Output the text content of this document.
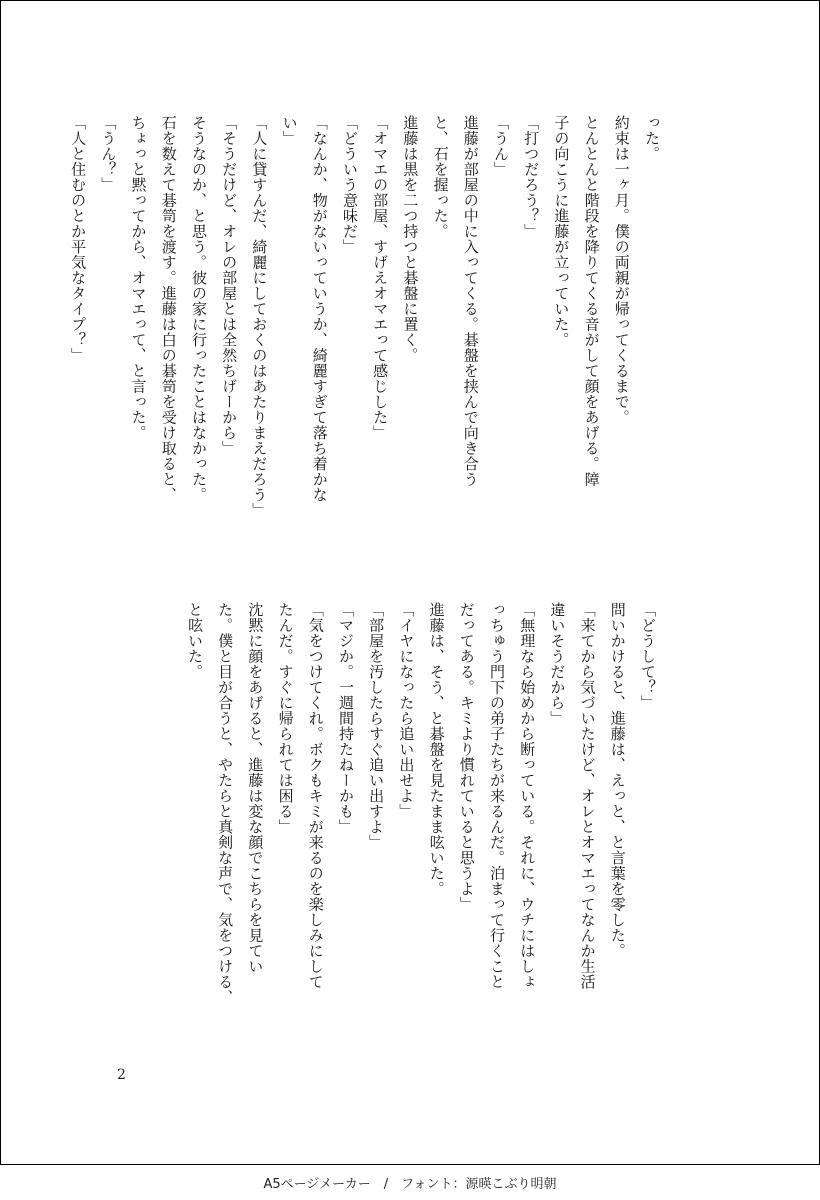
った。
約束は一ヶ月。僕の両親が帰ってくるまで。
とんとんと階段を降りてくる音がして顔をあげる。障
子の向こうに進藤が立っていた。
「打つだろう？」
「うん」
進藤が部屋の中に入ってくる。碁盤を挟んで向き合う
と、石を握った。
進藤は黒を二つ持つと碁盤に置く。
「オマエの部屋、すげえオマエって感じした」
「どういう意味だ」
「なんか、物がないっていうか、綺麗すぎて落ち着かな
い」
「人に貸すんだ、綺麗にしておくのはあたりまえだろう」
「そうだけど、オレの部屋とは全然ちげーから」
そうなのか、と思う。彼の家に行ったことはなかった。
石を数えて碁笥を渡す。進藤は白の碁笥を受け取ると、
ちょっと黙ってから、オマエって、と言った。
「うん？」
「人と住むのとか平気なタイプ？」
「どうして？」
問いかけると、進藤は、えっと、と言葉を零した。
「来てから気づいたけど、オレとオマエってなんか生活
違いそうだから」
「無理なら始めから断っている。それに、ウチにはしょ
っちゅう門下の弟子たちが来るんだ。泊まって行くこと
だってある。キミより慣れていると思うよ」
進藤は、そう、と碁盤を見たまま呟いた。
「イヤになったら追い出せよ」
「部屋を汚したらすぐ追い出すよ」
「マジか。一週間持たねーかも」
「気をつけてくれ。ボクもキミが来るのを楽しみにして
たんだ。すぐに帰られては困る」
沈黙に顔をあげると、進藤は変な顔でこちらを見てい
た。僕と目が合うと、やたらと真剣な声で、気をつける、
と呟いた。
2
A5ページメーカー　/　フォント：源暎こぶり明朝
